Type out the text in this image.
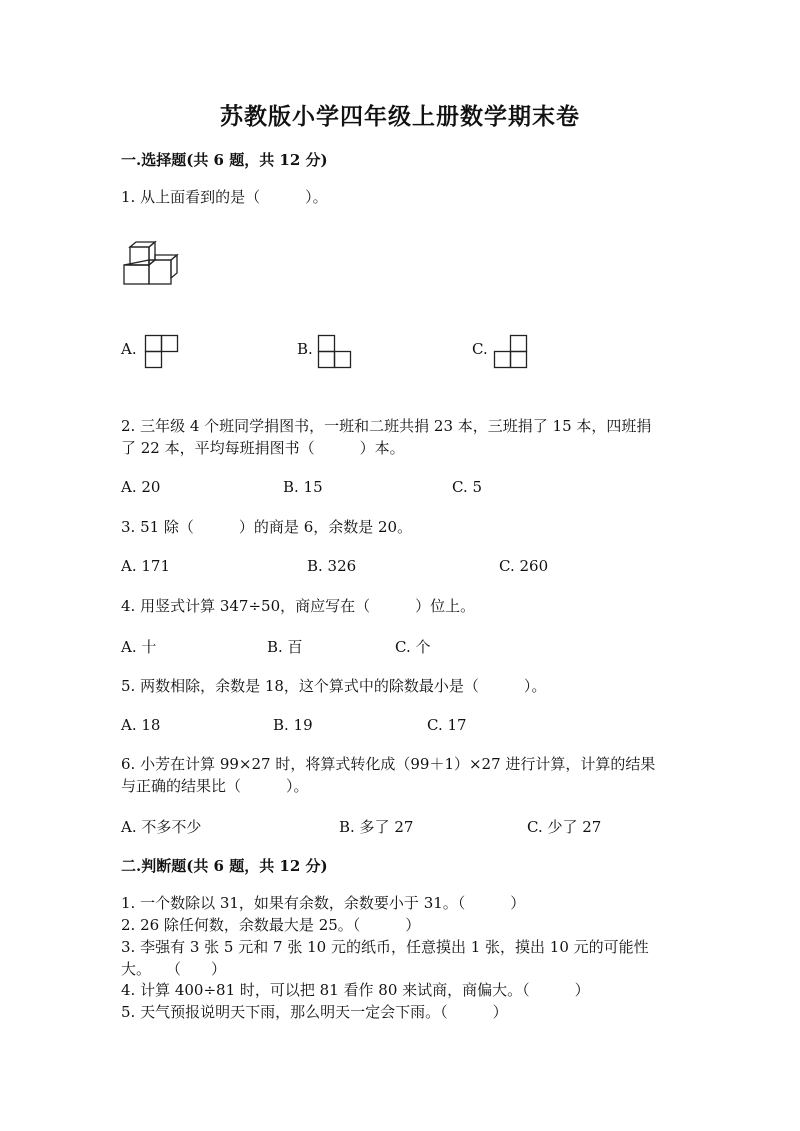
苏教版小学四年级上册数学期末卷
一.选择题(共 6 题，共 12 分)
1. 从上面看到的是（　　　）。
A.	B.	C.
2. 三年级 4 个班同学捐图书，一班和二班共捐 23 本，三班捐了 15 本，四班捐
了 22 本，平均每班捐图书（　　　）本。
A. 20	B. 15	C. 5
3. 51 除（　　　）的商是 6，余数是 20。
A. 171	B. 326	C. 260
4. 用竖式计算 347÷50，商应写在（　　　）位上。
A. 十	B. 百	C. 个
5. 两数相除，余数是 18，这个算式中的除数最小是（　　　）。
A. 18	B. 19	C. 17
6. 小芳在计算 99×27 时，将算式转化成（99＋1）×27 进行计算，计算的结果
与正确的结果比（　　　）。
A. 不多不少	B. 多了 27	C. 少了 27
二.判断题(共 6 题，共 12 分)
1. 一个数除以 31，如果有余数，余数要小于 31。（　　　）
2. 26 除任何数，余数最大是 25。（　　　）
3. 李强有 3 张 5 元和 7 张 10 元的纸币，任意摸出 1 张，摸出 10 元的可能性
大。　　（　　）
4. 计算 400÷81 时，可以把 81 看作 80 来试商，商偏大。（　　　）
5. 天气预报说明天下雨，那么明天一定会下雨。（　　　）
